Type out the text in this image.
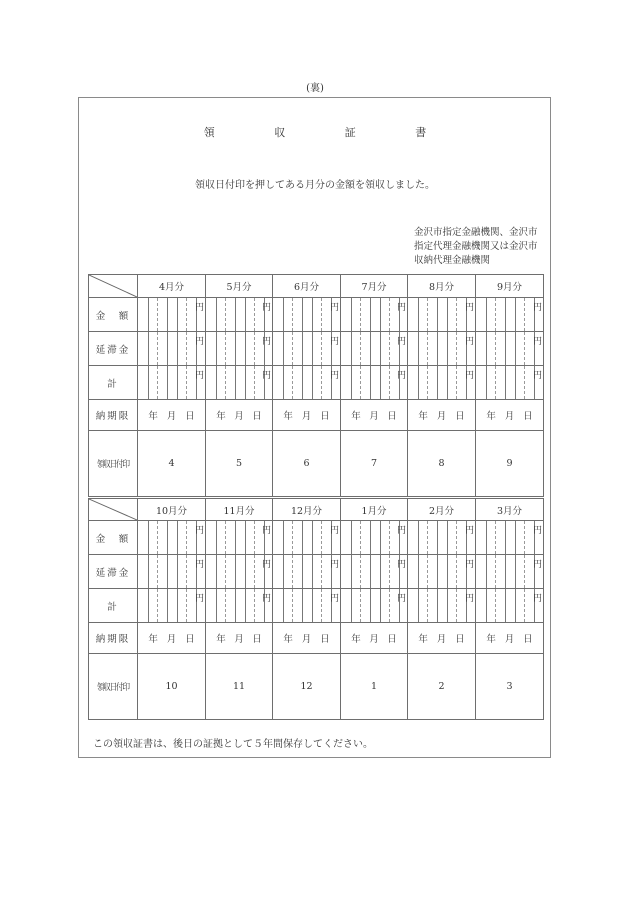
(裏)
領	収	証	書
領収日付印を押してある月分の金額を領収しました。
金沢市指定金融機関、金沢市
指定代理金融機関又は金沢市
収納代理金融機関
	4月分	5月分	6月分	7月分	8月分	9月分
金　額	円	円	円	円	円	円

延滞金	円	円	円	円	円	円

計	円	円	円	円	円	円

納期限	年 月 日	年 月 日	年 月 日	年 月 日	年 月 日	年 月 日

領収日付印	4	5	6	7	8	9
	10月分	11月分	12月分	1月分	2月分	3月分
金　額	円	円	円	円	円	円

延滞金	円	円	円	円	円	円

計	円	円	円	円	円	円

納期限	年 月 日	年 月 日	年 月 日	年 月 日	年 月 日	年 月 日

領収日付印	10	11	12	1	2	3
この領収証書は、後日の証拠として５年間保存してください。
